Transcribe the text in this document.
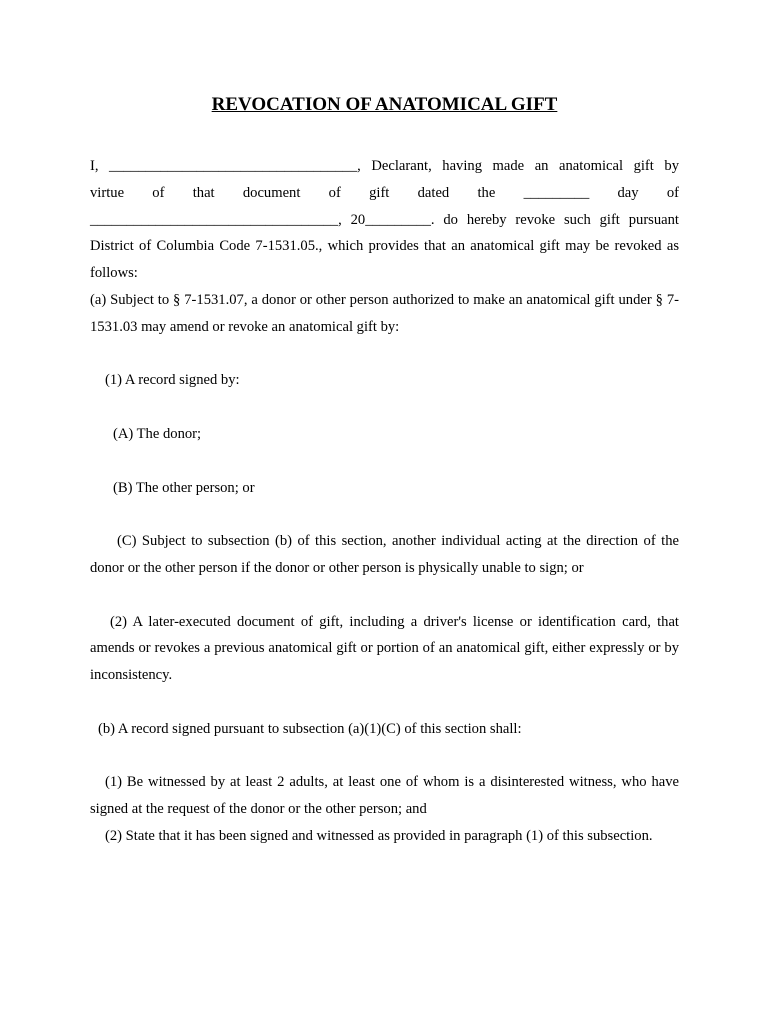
REVOCATION OF ANATOMICAL GIFT

I, __________________________________, Declarant, having made an anatomical gift by

virtue of that document of gift dated the _________ day of

__________________________________, 20_________. do hereby revoke such gift pursuant

District of Columbia Code 7-1531.05., which provides that an anatomical gift may be revoked as

follows:

(a) Subject to § 7-1531.07, a donor or other person authorized to make an anatomical gift under § 7-1531.03 may amend or revoke an anatomical gift by:

(1) A record signed by:

(A) The donor;

(B) The other person; or

(C) Subject to subsection (b) of this section, another individual acting at the direction of the donor or the other person if the donor or other person is physically unable to sign; or

(2) A later-executed document of gift, including a driver's license or identification card, that amends or revokes a previous anatomical gift or portion of an anatomical gift, either expressly or by inconsistency.

(b) A record signed pursuant to subsection (a)(1)(C) of this section shall:

(1) Be witnessed by at least 2 adults, at least one of whom is a disinterested witness, who have signed at the request of the donor or the other person; and

(2) State that it has been signed and witnessed as provided in paragraph (1) of this subsection.
